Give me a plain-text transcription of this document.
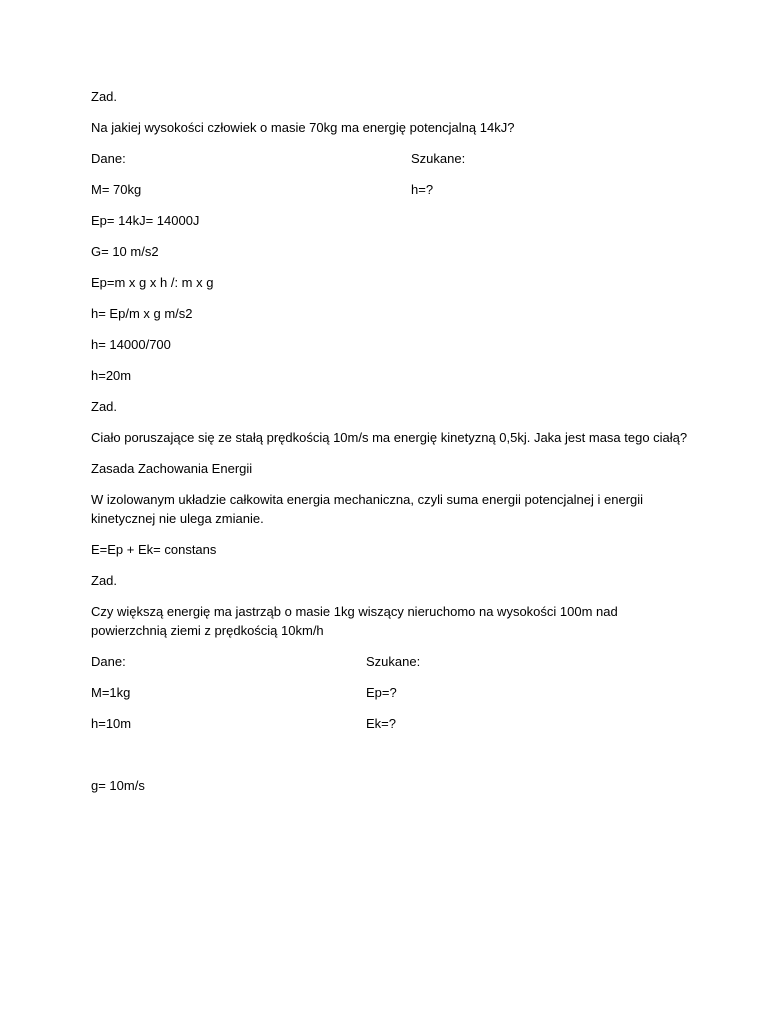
Zad.

Na jakiej wysokości człowiek o masie 70kg ma energię potencjalną 14kJ?

Dane:	Szukane:
M= 70kg	h=?

Ep= 14kJ= 14000J

G= 10 m/s2

Ep=m x g x h /: m x g

h= Ep/m x g m/s2

h= 14000/700

h=20m

Zad.

Ciało poruszające się ze stałą prędkością 10m/s ma energię kinetyzną 0,5kj. Jaka jest masa tego ciałą?

Zasada Zachowania Energii

W izolowanym układzie całkowita energia mechaniczna, czyli suma energii potencjalnej i energii kinetycznej nie ulega zmianie.

E=Ep + Ek= constans

Zad.

Czy większą energię ma jastrząb o masie 1kg wiszący nieruchomo na wysokości 100m nad powierzchnią ziemi z prędkością 10km/h

Dane:	Szukane:
M=1kg	Ep=?
h=10m	Ek=?

g= 10m/s
